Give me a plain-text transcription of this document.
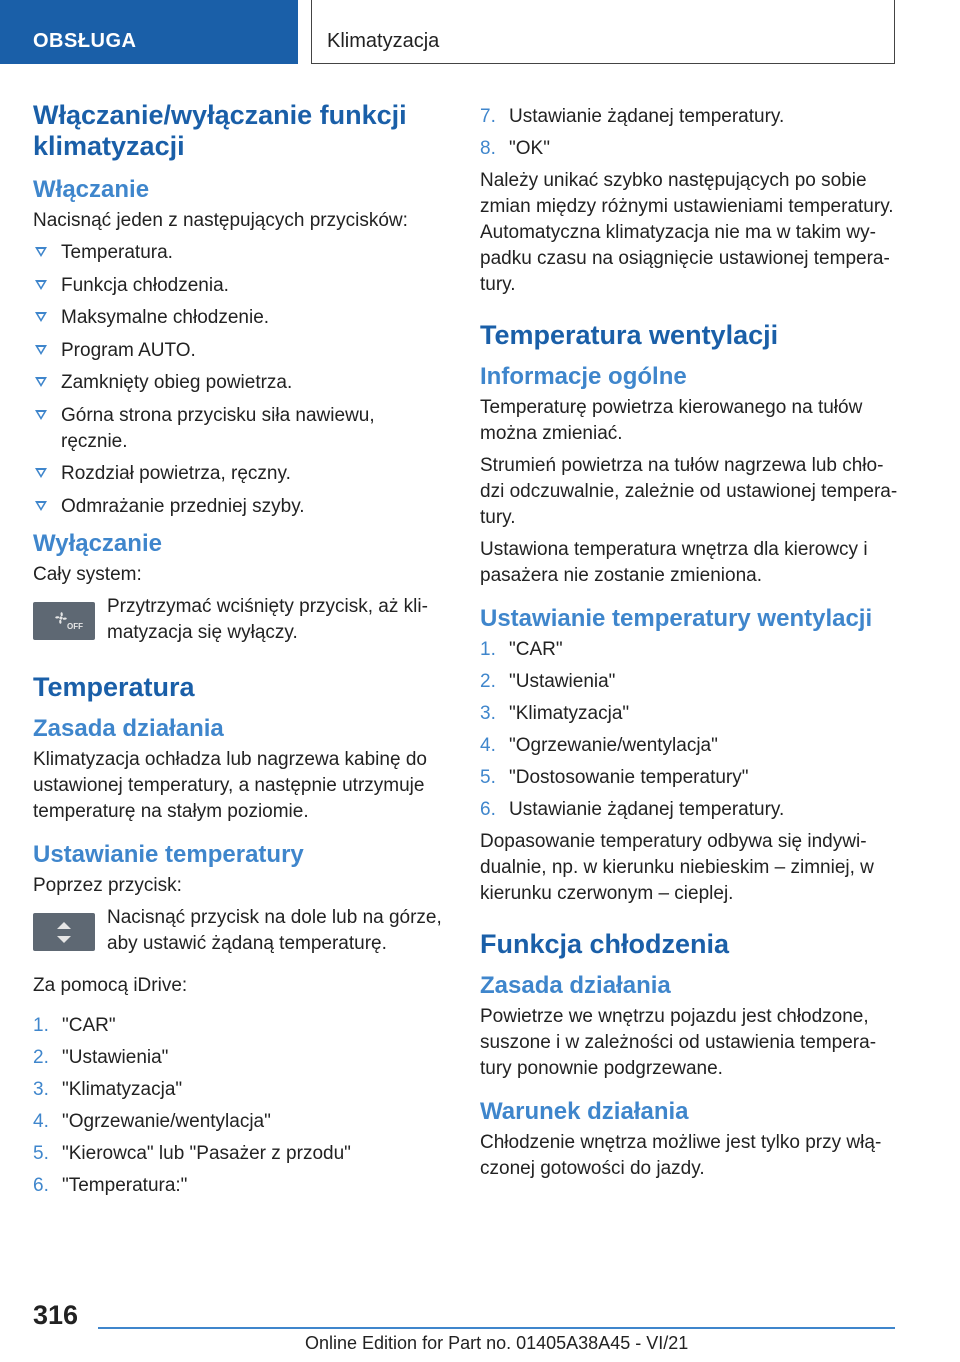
OBSŁUGA	Klimatyzacja
Włączanie/wyłączanie funkcji klimatyzacji
Włączanie

Nacisnąć jeden z następujących przycisków:

Temperatura.
Funkcja chłodzenia.
Maksymalne chłodzenie.
Program AUTO.
Zamknięty obieg powietrza.
Górna strona przycisku siła nawiewu, ręcznie.
Rozdział powietrza, ręczny.
Odmrażanie przedniej szyby.
Wyłączanie

Cały system:

OFF
Przytrzymać wciśnięty przycisk, aż klimatyzacja się wyłączy.
Temperatura
Zasada działania

Klimatyzacja ochładza lub nagrzewa kabinę do ustawionej temperatury, a następnie utrzymuje temperaturę na stałym poziomie.

Ustawianie temperatury

Poprzez przycisk:

Nacisnąć przycisk na dole lub na górze, aby ustawić żądaną temperaturę.

Za pomocą iDrive:

1. "CAR"
2. "Ustawienia"
3. "Klimatyzacja"
4. "Ogrzewanie/wentylacja"
5. "Kierowca" lub "Pasażer z przodu"
6. "Temperatura:"
7. Ustawianie żądanej temperatury.
8. "OK"

Należy unikać szybko następujących po sobie zmian między różnymi ustawieniami temperatury. Automatyczna klimatyzacja nie ma w takim wypadku czasu na osiągnięcie ustawionej temperatury.

Temperatura wentylacji
Informacje ogólne

Temperaturę powietrza kierowanego na tułów można zmieniać.

Strumień powietrza na tułów nagrzewa lub chłodzi odczuwalnie, zależnie od ustawionej temperatury.

Ustawiona temperatura wnętrza dla kierowcy i pasażera nie zostanie zmieniona.

Ustawianie temperatury wentylacji
1. "CAR"
2. "Ustawienia"
3. "Klimatyzacja"
4. "Ogrzewanie/wentylacja"
5. "Dostosowanie temperatury"
6. Ustawianie żądanej temperatury.

Dopasowanie temperatury odbywa się indywidualnie, np. w kierunku niebieskim – zimniej, w kierunku czerwonym – cieplej.

Funkcja chłodzenia
Zasada działania

Powietrze we wnętrzu pojazdu jest chłodzone, suszone i w zależności od ustawienia temperatury ponownie podgrzewane.

Warunek działania

Chłodzenie wnętrza możliwe jest tylko przy włączonej gotowości do jazdy.

316
Online Edition for Part no. 01405A38A45 - VI/21
